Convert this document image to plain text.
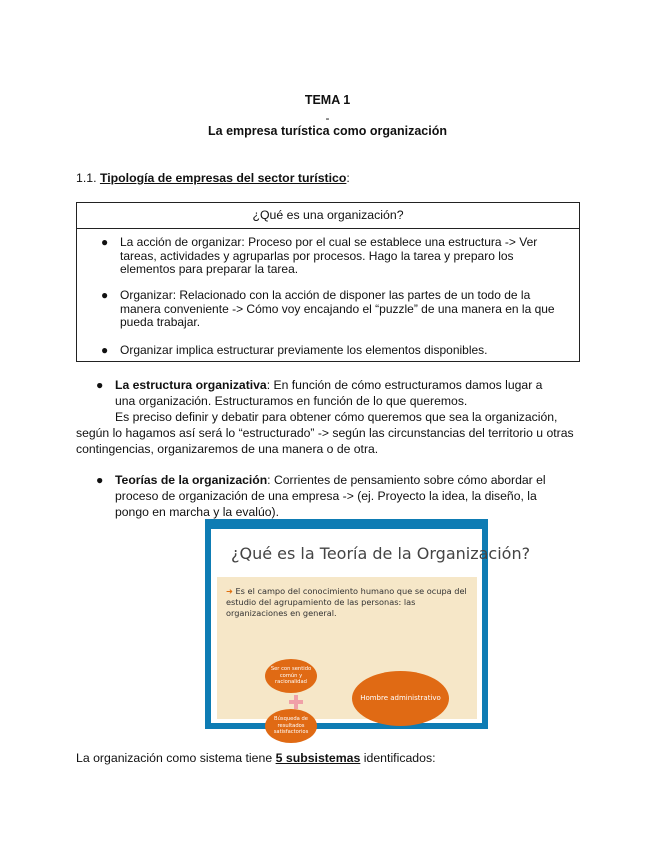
TEMA 1
-
La empresa turística como organización
1.1. Tipología de empresas del sector turístico:
¿Qué es una organización?
● La acción de organizar: Proceso por el cual se establece una estructura -> Ver tareas, actividades y agruparlas por procesos. Hago la tarea y preparo los elementos para preparar la tarea.
● Organizar: Relacionado con la acción de disponer las partes de un todo de la manera conveniente -> Cómo voy encajando el “puzzle” de una manera en la que pueda trabajar.
● Organizar implica estructurar previamente los elementos disponibles.
● La estructura organizativa: En función de cómo estructuramos damos lugar a una organización. Estructuramos en función de lo que queremos.
Es preciso definir y debatir para obtener cómo queremos que sea la organización, según lo hagamos así será lo “estructurado” -> según las circunstancias del territorio u otras contingencias, organizaremos de una manera o de otra.
● Teorías de la organización: Corrientes de pensamiento sobre cómo abordar el proceso de organización de una empresa -> (ej. Proyecto la idea, la diseño, la pongo en marcha y la evalúo).
¿Qué es la Teoría de la Organización?
➜ Es el campo del conocimiento humano que se ocupa del estudio del agrupamiento de las personas: las organizaciones en general.
Ser con sentido común y racionalidad
Búsqueda de resultados satisfactorios
Hombre administrativo
La organización como sistema tiene 5 subsistemas identificados:
